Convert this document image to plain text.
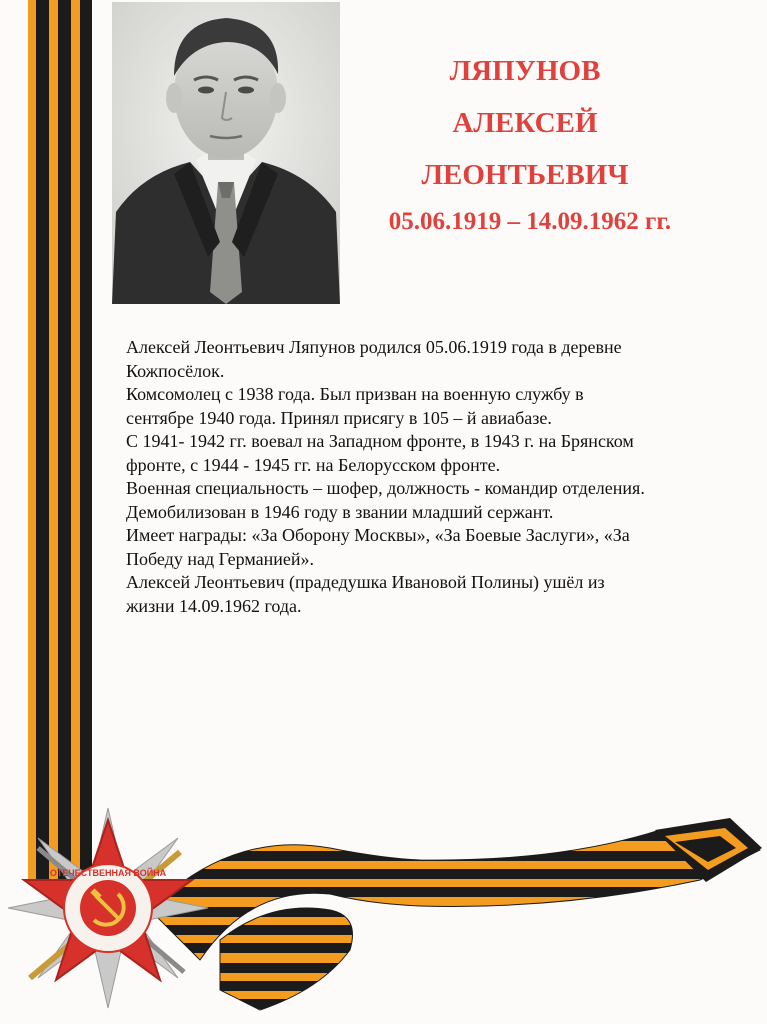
ЛЯПУНОВ
АЛЕКСЕЙ
ЛЕОНТЬЕВИЧ
05.06.1919 – 14.09.1962 гг.

Алексей Леонтьевич Ляпунов родился 05.06.1919 года в деревне

Кожпосёлок.

Комсомолец с 1938 года. Был призван на военную службу в

сентябре 1940 года. Принял присягу в 105 – й авиабазе.

С 1941- 1942 гг. воевал на Западном фронте, в 1943 г. на Брянском

фронте, с 1944 - 1945 гг. на Белорусском фронте.

Военная специальность – шофер, должность - командир отделения.

Демобилизован в 1946 году в звании младший сержант.

Имеет награды: «За Оборону Москвы», «За Боевые Заслуги», «За

Победу над Германией».

Алексей Леонтьевич (прадедушка Ивановой Полины) ушёл из

жизни 14.09.1962 года.

ОТЕЧЕСТВЕННАЯ ВОЙНА
